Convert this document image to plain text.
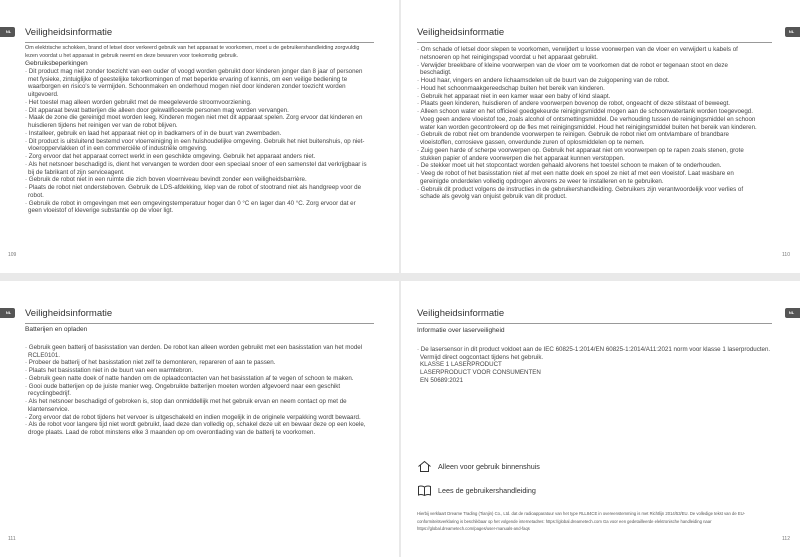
NL	Veiligheidsinformatie

Om elektrische schokken, brand of letsel door verkeerd gebruik van het apparaat te voorkomen, moet u de gebruikershandleiding zorgvuldig lezen voordat u het apparaat in gebruik neemt en deze bewaren voor toekomstig gebruik.

Gebruiksbeperkingen

· Dit product mag niet zonder toezicht van een ouder of voogd worden gebruikt door kinderen jonger dan 8 jaar of personen met fysieke, zintuiglijke of geestelijke tekortkomingen of met beperkte ervaring of kennis, om een veilige bediening te waarborgen en risico's te vermijden. Schoonmaken en onderhoud mogen niet door kinderen zonder toezicht worden uitgevoerd.
· Het toestel mag alleen worden gebruikt met de meegeleverde stroomvoorziening.
· Dit apparaat bevat batterijen die alleen door gekwalificeerde personen mag worden vervangen.
· Maak de zone die gereinigd moet worden leeg. Kinderen mogen niet met dit apparaat spelen. Zorg ervoor dat kinderen en huisdieren tijdens het reinigen ver van de robot blijven.
· Installeer, gebruik en laad het apparaat niet op in badkamers of in de buurt van zwembaden.
· Dit product is uitsluitend bestemd voor vloerreiniging in een huishoudelijke omgeving. Gebruik het niet buitenshuis, op niet-vloeroppervlakken of in een commerciële of industriële omgeving.
· Zorg ervoor dat het apparaat correct werkt in een geschikte omgeving. Gebruik het apparaat anders niet.
· Als het netsnoer beschadigd is, dient het vervangen te worden door een speciaal snoer of een samenstel dat verkrijgbaar is bij de fabrikant of zijn serviceagent.
· Gebruik de robot niet in een ruimte die zich boven vloerniveau bevindt zonder een veiligheidsbarrière.
· Plaats de robot niet ondersteboven. Gebruik de LDS-afdekking, klep van de robot of stootrand niet als handgreep voor de robot.
· Gebruik de robot in omgevingen met een omgevingstemperatuur hoger dan 0 °C en lager dan 40 °C. Zorg ervoor dat er geen vloeistof of kleverige substantie op de vloer ligt.
109
NL
Veiligheidsinformatie
· Om schade of letsel door slepen te voorkomen, verwijdert u losse voorwerpen van de vloer en verwijdert u kabels of netsnoeren op het reinigingspad voordat u het apparaat gebruikt.
· Verwijder breekbare of kleine voorwerpen van de vloer om te voorkomen dat de robot er tegenaan stoot en deze beschadigt.
· Houd haar, vingers en andere lichaamsdelen uit de buurt van de zuigopening van de robot.
· Houd het schoonmaakgereedschap buiten het bereik van kinderen.
· Gebruik het apparaat niet in een kamer waar een baby of kind slaapt.
· Plaats geen kinderen, huisdieren of andere voorwerpen bovenop de robot, ongeacht of deze stilstaat of beweegt.
· Alleen schoon water en het officieel goedgekeurde reinigingsmiddel mogen aan de schoonwatertank worden toegevoegd. Voeg geen andere vloeistof toe, zoals alcohol of ontsmettingsmiddel. De verhouding tussen de reinigingsmiddel en schoon water kan worden gecontroleerd op de fles met reinigingsmiddel. Houd het reinigingsmiddel buiten het bereik van kinderen.
· Gebruik de robot niet om brandende voorwerpen te reinigen. Gebruik de robot niet om ontvlambare of brandbare vloeistoffen, corrosieve gassen, onverdunde zuren of oplosmiddelen op te nemen.
· Zuig geen harde of scherpe voorwerpen op. Gebruik het apparaat niet om voorwerpen op te rapen zoals stenen, grote stukken papier of andere voorwerpen die het apparaat kunnen verstoppen.
· De stekker moet uit het stopcontact worden gehaald alvorens het toestel schoon te maken of te onderhouden.
· Veeg de robot of het basisstation niet af met een natte doek en spoel ze niet af met een vloeistof. Laat wasbare en gereinigde onderdelen volledig opdrogen alvorens ze weer te installeren en te gebruiken.
· Gebruik dit product volgens de instructies in de gebruikershandleiding. Gebruikers zijn verantwoordelijk voor verlies of schade als gevolg van onjuist gebruik van dit product.
110
NL	Veiligheidsinformatie

Batterijen en opladen

· Gebruik geen batterij of basisstation van derden. De robot kan alleen worden gebruikt met een basisstation van het model RCLE0101.
· Probeer de batterij of het basisstation niet zelf te demonteren, repareren of aan te passen.
· Plaats het basisstation niet in de buurt van een warmtebron.
· Gebruik geen natte doek of natte handen om de oplaadcontacten van het basisstation af te vegen of schoon te maken.
· Gooi oude batterijen op de juiste manier weg. Ongebruikte batterijen moeten worden afgevoerd naar een geschikt recyclingbedrijf.
· Als het netsnoer beschadigd of gebroken is, stop dan onmiddellijk met het gebruik ervan en neem contact op met de klantenservice.
· Zorg ervoor dat de robot tijdens het vervoer is uitgeschakeld en indien mogelijk in de originele verpakking wordt bewaard.
· Als de robot voor langere tijd niet wordt gebruikt, laad deze dan volledig op, schakel deze uit en bewaar deze op een koele, droge plaats. Laad de robot minstens elke 3 maanden op om overontlading van de batterij te voorkomen.
111
NL
Veiligheidsinformatie

Informatie over laserveiligheid

· De lasersensor in dit product voldoet aan de IEC 60825-1:2014/EN 60825-1:2014/A11:2021 norm voor klasse 1 laserproducten. Vermijd direct oogcontact tijdens het gebruik.

KLASSE 1 LASERPRODUCT

LASERPRODUCT VOOR CONSUMENTEN

EN 50689:2021

Alleen voor gebruik binnenshuis
Lees de gebruikershandleiding
Hierbij verklaart Dreame Trading (Tianjin) Co., Ltd. dat de radioapparatuur van het type RLL84CE in overeenstemming is met Richtlijn 2014/53/EU. De volledige tekst van de EU-conformiteitsverklaring is beschikbaar op het volgende internetadres: https://global.dreametech.com Ga voor een gedetailleerde elektronische handleiding naar https://global.dreametech.com/pages/user-manuals-and-faqs
112
